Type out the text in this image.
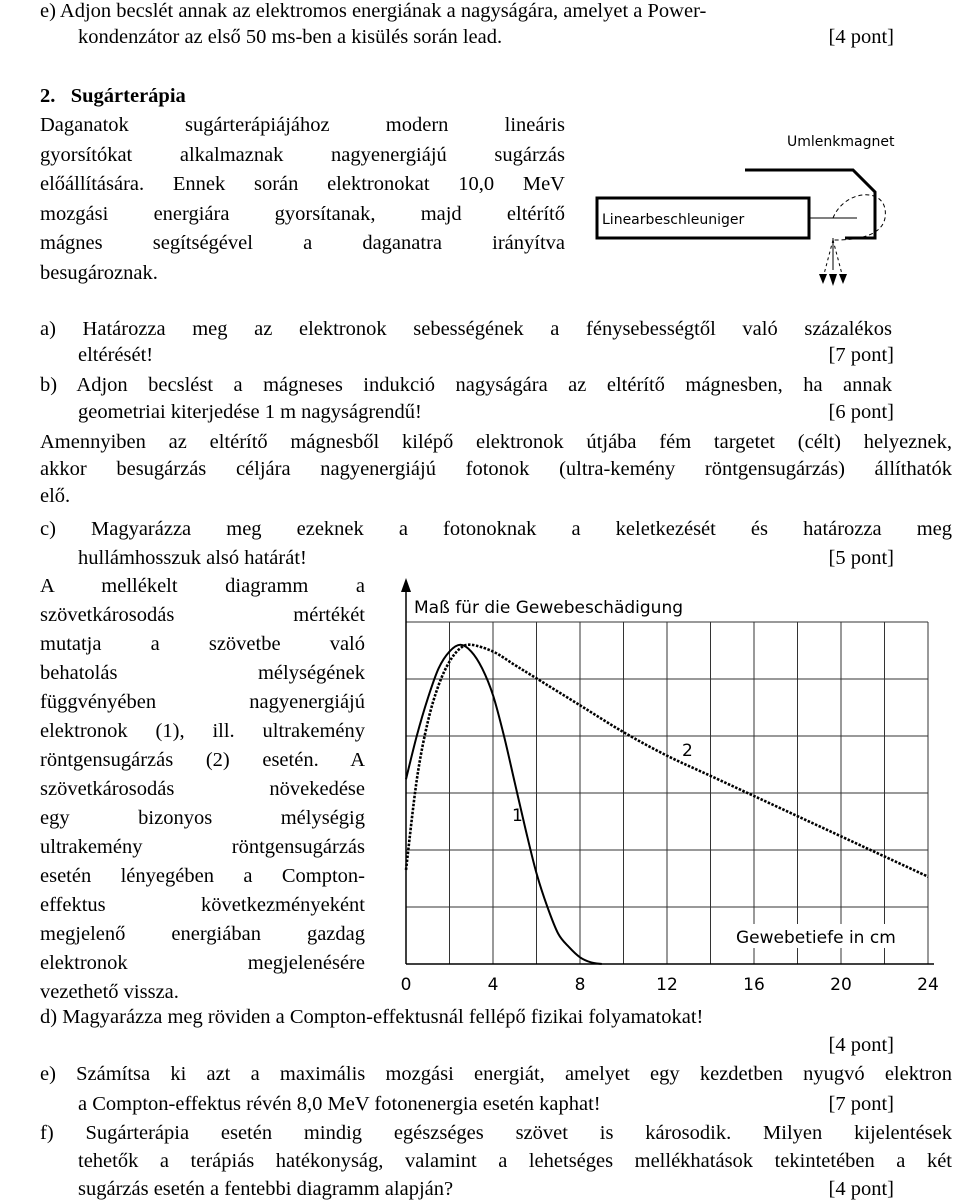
e) Adjon becslét annak az elektromos energiának a nagyságára, amelyet a Power-
kondenzátor az első 50 ms-ben a kisülés során lead.	[4 pont]
2. Sugárterápia
Daganatok sugárterápiájához modern lineáris
gyorsítókat alkalmaznak nagyenergiájú sugárzás
előállítására. Ennek során elektronokat 10,0 MeV
mozgási energiára gyorsítanak, majd eltérítő
mágnes segítségével a daganatra irányítva
besugároznak.
Umlenkmagnet
Linearbeschleuniger
a) Határozza meg az elektronok sebességének a fénysebességtől való százalékos
eltérését!	[7 pont]
b) Adjon becslést a mágneses indukció nagyságára az eltérítő mágnesben, ha annak
geometriai kiterjedése 1 m nagyságrendű!	[6 pont]
Amennyiben az eltérítő mágnesből kilépő elektronok útjába fém targetet (célt) helyeznek,
akkor besugárzás céljára nagyenergiájú fotonok (ultra-kemény röntgensugárzás) állíthatók
elő.
c) Magyarázza meg ezeknek a fotonoknak a keletkezését és határozza meg
hullámhosszuk alsó határát!	[5 pont]
A mellékelt diagramm a
szövetkárosodás mértékét
mutatja a szövetbe való
behatolás mélységének
függvényében nagyenergiájú
elektronok (1), ill. ultrakemény
röntgensugárzás (2) esetén. A
szövetkárosodás növekedése
egy bizonyos mélységig
ultrakemény röntgensugárzás
esetén lényegében a Compton-
effektus következményeként
megjelenő energiában gazdag
elektronok megjelenésére
vezethető vissza.
Maß für die Gewebeschädigung
Gewebetiefe in cm
0	4	8	12	16	20	24
2
1
d) Magyarázza meg röviden a Compton-effektusnál fellépő fizikai folyamatokat!
[4 pont]
e) Számítsa ki azt a maximális mozgási energiát, amelyet egy kezdetben nyugvó elektron
a Compton-effektus révén 8,0 MeV fotonenergia esetén kaphat!	[7 pont]
f) Sugárterápia esetén mindig egészséges szövet is károsodik. Milyen kijelentések
tehetők a terápiás hatékonyság, valamint a lehetséges mellékhatások tekintetében a két
sugárzás esetén a fentebbi diagramm alapján?	[4 pont]
